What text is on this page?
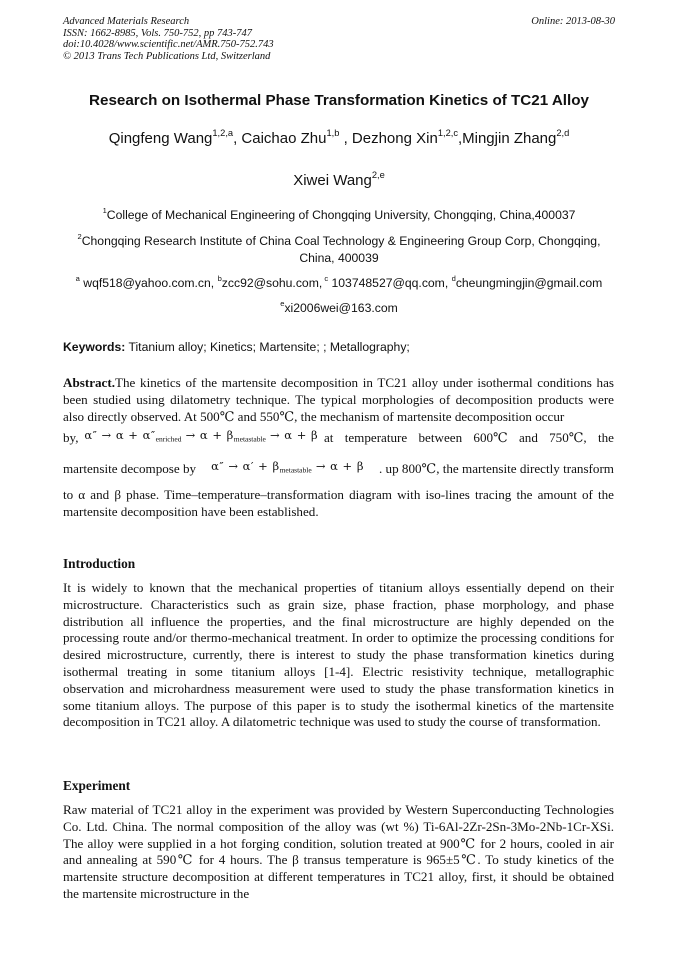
Advanced Materials Research
ISSN: 1662-8985, Vols. 750-752, pp 743-747
doi:10.4028/www.scientific.net/AMR.750-752.743
© 2013 Trans Tech Publications Ltd, Switzerland
Online: 2013-08-30
Research on Isothermal Phase Transformation Kinetics of TC21 Alloy
Qingfeng Wang$^{1,2,a}$, Caichao Zhu$^{1,b}$ , Dezhong Xin$^{1,2,c}$,Mingjin Zhang$^{2,d}$
Xiwei Wang$^{2,e}$
$^1$College of Mechanical Engineering of Chongqing University, Chongqing, China,400037
$^2$Chongqing Research Institute of China Coal Technology & Engineering Group Corp, Chongqing, China, 400039
$^a$ wqf518@yahoo.com.cn, $^b$zcc92@sohu.com, $^c$ 103748527@qq.com, $^d$cheungmingjin@gmail.com
$^e$xi2006wei@163.com
Keywords: Titanium alloy; Kinetics; Martensite; ; Metallography;

Abstract.The kinetics of the martensite decomposition in TC21 alloy under isothermal conditions has been studied using dilatometry technique. The typical morphologies of decomposition products were also directly observed. At 500℃ and 550℃, the mechanism of martensite decomposition occur

by, $\alpha'' \to \alpha + \alpha''_{enriched} \to \alpha + \beta_{metastable} \to \alpha + \beta$ at temperature between 600℃ and 750℃, the
martensite decompose by $\alpha'' \to \alpha' + \beta_{metastable} \to \alpha + \beta$ . up 800℃, the martensite directly transform

to α and β phase. Time–temperature–transformation diagram with iso-lines tracing the amount of the martensite decomposition have been established.

Introduction

It is widely to known that the mechanical properties of titanium alloys essentially depend on their microstructure. Characteristics such as grain size, phase fraction, phase morphology, and phase distribution all influence the properties, and the final microstructure are highly depended on the processing route and/or thermo-mechanical treatment. In order to optimize the processing conditions for desired microstructure, currently, there is interest to study the phase transformation kinetics during isothermal treating in some titanium alloys [1-4]. Electric resistivity technique, metallographic observation and microhardness measurement were used to study the phase transformation kinetics in some titanium alloys. The purpose of this paper is to study the isothermal kinetics of the martensite decomposition in TC21 alloy. A dilatometric technique was used to study the course of transformation.

Experiment

Raw material of TC21 alloy in the experiment was provided by Western Superconducting Technologies Co. Ltd. China. The normal composition of the alloy was (wt %) Ti-6Al-2Zr-2Sn-3Mo-2Nb-1Cr-XSi. The alloy were supplied in a hot forging condition, solution treated at 900℃ for 2 hours, cooled in air and annealing at 590℃ for 4 hours. The β transus temperature is 965±5℃. To study kinetics of the martensite structure decomposition at different temperatures in TC21 alloy, first, it should be obtained the martensite microstructure in the
